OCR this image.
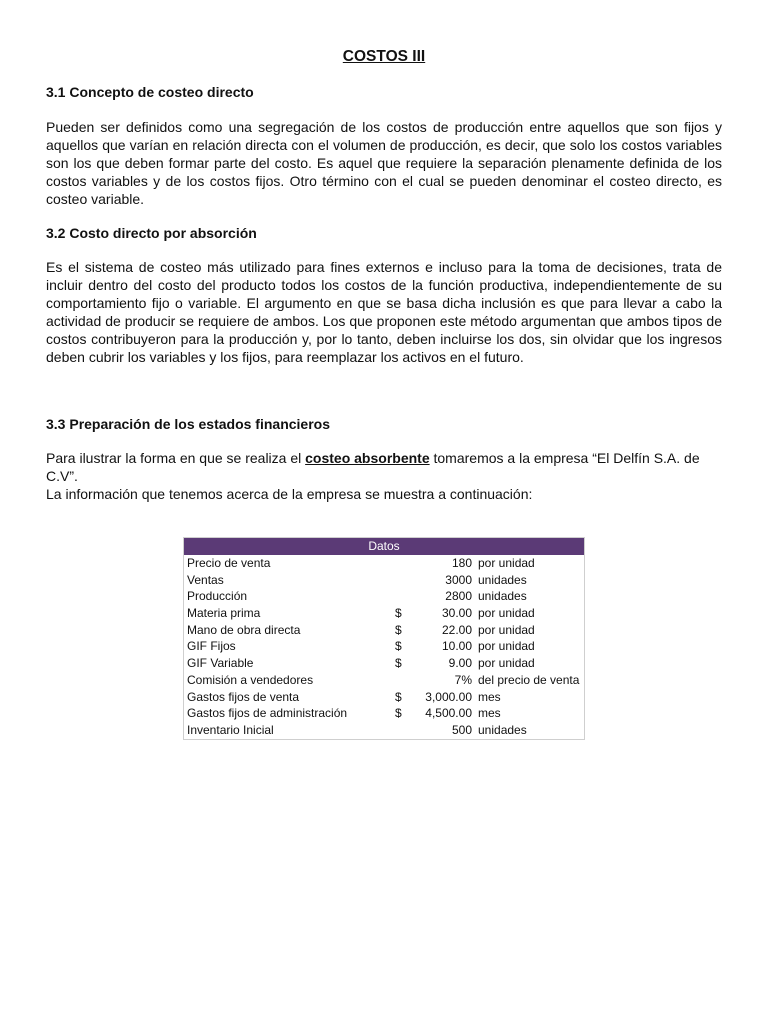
COSTOS III
3.1 Concepto de costeo directo
Pueden ser definidos como una segregación de los costos de producción entre aquellos que son fijos y aquellos que varían en relación directa con el volumen de producción, es decir, que solo los costos variables son los que deben formar parte del costo. Es aquel que requiere la separación plenamente definida de los costos variables y de los costos fijos. Otro término con el cual se pueden denominar el costeo directo, es costeo variable.
3.2 Costo directo por absorción
Es el sistema de costeo más utilizado para fines externos e incluso para la toma de decisiones, trata de incluir dentro del costo del producto todos los costos de la función productiva, independientemente de su comportamiento fijo o variable. El argumento en que se basa dicha inclusión es que para llevar a cabo la actividad de producir se requiere de ambos. Los que proponen este método argumentan que ambos tipos de costos contribuyeron para la producción y, por lo tanto, deben incluirse los dos, sin olvidar que los ingresos deben cubrir los variables y los fijos, para reemplazar los activos en el futuro.
3.3 Preparación de los estados financieros
Para ilustrar la forma en que se realiza el costeo absorbente tomaremos a la empresa “El Delfín S.A. de C.V”.
La información que tenemos acerca de la empresa se muestra a continuación:
Datos
Precio de venta	180 por unidad
Ventas	3000 unidades
Producción	2800 unidades
Materia prima	$	30.00 por unidad
Mano de obra directa	$	22.00 por unidad
GIF Fijos	$	10.00 por unidad
GIF Variable	$	9.00 por unidad
Comisión a vendedores	7% del precio de venta
Gastos fijos de venta	$ 3,000.00 mes
Gastos fijos de administración	$ 4,500.00 mes
Inventario Inicial	500 unidades
